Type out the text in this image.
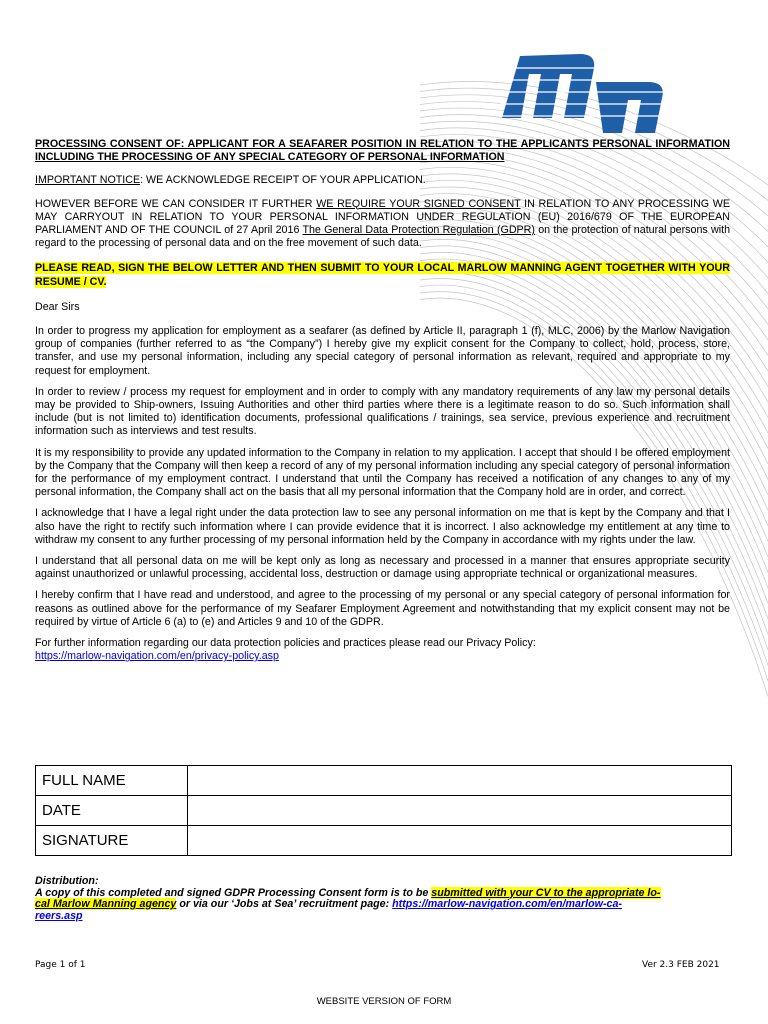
PROCESSING CONSENT OF: APPLICANT FOR A SEAFARER POSITION IN RELATION TO THE APPLICANTS PERSONAL INFORMATION INCLUDING THE PROCESSING OF ANY SPECIAL CATEGORY OF PERSONAL INFORMATION

IMPORTANT NOTICE: WE ACKNOWLEDGE RECEIPT OF YOUR APPLICATION.

HOWEVER BEFORE WE CAN CONSIDER IT FURTHER WE REQUIRE YOUR SIGNED CONSENT IN RELATION TO ANY PROCESSING WE MAY CARRYOUT IN RELATION TO YOUR PERSONAL INFORMATION UNDER REGULATION (EU) 2016/679 OF THE EUROPEAN PARLIAMENT AND OF THE COUNCIL of 27 April 2016 The General Data Protection Regulation (GDPR) on the protection of natural persons with regard to the processing of personal data and on the free movement of such data.

PLEASE READ, SIGN THE BELOW LETTER AND THEN SUBMIT TO YOUR LOCAL MARLOW MANNING AGENT TOGETHER WITH YOUR RESUME / CV.

Dear Sirs

In order to progress my application for employment as a seafarer (as defined by Article II, paragraph 1 (f), MLC, 2006) by the Marlow Navigation group of companies (further referred to as “the Company”) I hereby give my explicit consent for the Company to collect, hold, process, store, transfer, and use my personal information, including any special category of personal information as relevant, required and appropriate to my request for employment.

In order to review / process my request for employment and in order to comply with any mandatory requirements of any law my personal details may be provided to Ship-owners, Issuing Authorities and other third parties where there is a legitimate reason to do so. Such information shall include (but is not limited to) identification documents, professional qualifications / trainings, sea service, previous experience and recruitment information such as interviews and test results.

It is my responsibility to provide any updated information to the Company in relation to my application. I accept that should I be offered employment by the Company that the Company will then keep a record of any of my personal information including any special category of personal information for the performance of my employment contract. I understand that until the Company has received a notification of any changes to any of my personal information, the Company shall act on the basis that all my personal information that the Company hold are in order, and correct.

I acknowledge that I have a legal right under the data protection law to see any personal information on me that is kept by the Company and that I also have the right to rectify such information where I can provide evidence that it is incorrect. I also acknowledge my entitlement at any time to withdraw my consent to any further processing of my personal information held by the Company in accordance with my rights under the law.

I understand that all personal data on me will be kept only as long as necessary and processed in a manner that ensures appropriate security against unauthorized or unlawful processing, accidental loss, destruction or damage using appropriate technical or organizational measures.

I hereby confirm that I have read and understood, and agree to the processing of my personal or any special category of personal information for reasons as outlined above for the performance of my Seafarer Employment Agreement and notwithstanding that my explicit consent may not be required by virtue of Article 6 (a) to (e) and Articles 9 and 10 of the GDPR.

For further information regarding our data protection policies and practices please read our Privacy Policy:
https://marlow-navigation.com/en/privacy-policy.asp

FULL NAME	
DATE	
SIGNATURE	
Distribution:
A copy of this completed and signed GDPR Processing Consent form is to be submitted with your CV to the appropriate lo-
cal Marlow Manning agency or via our ‘Jobs at Sea’ recruitment page: https://marlow-navigation.com/en/marlow-ca-
reers.asp
Page 1 of 1	Ver 2.3 FEB 2021
WEBSITE VERSION OF FORM
